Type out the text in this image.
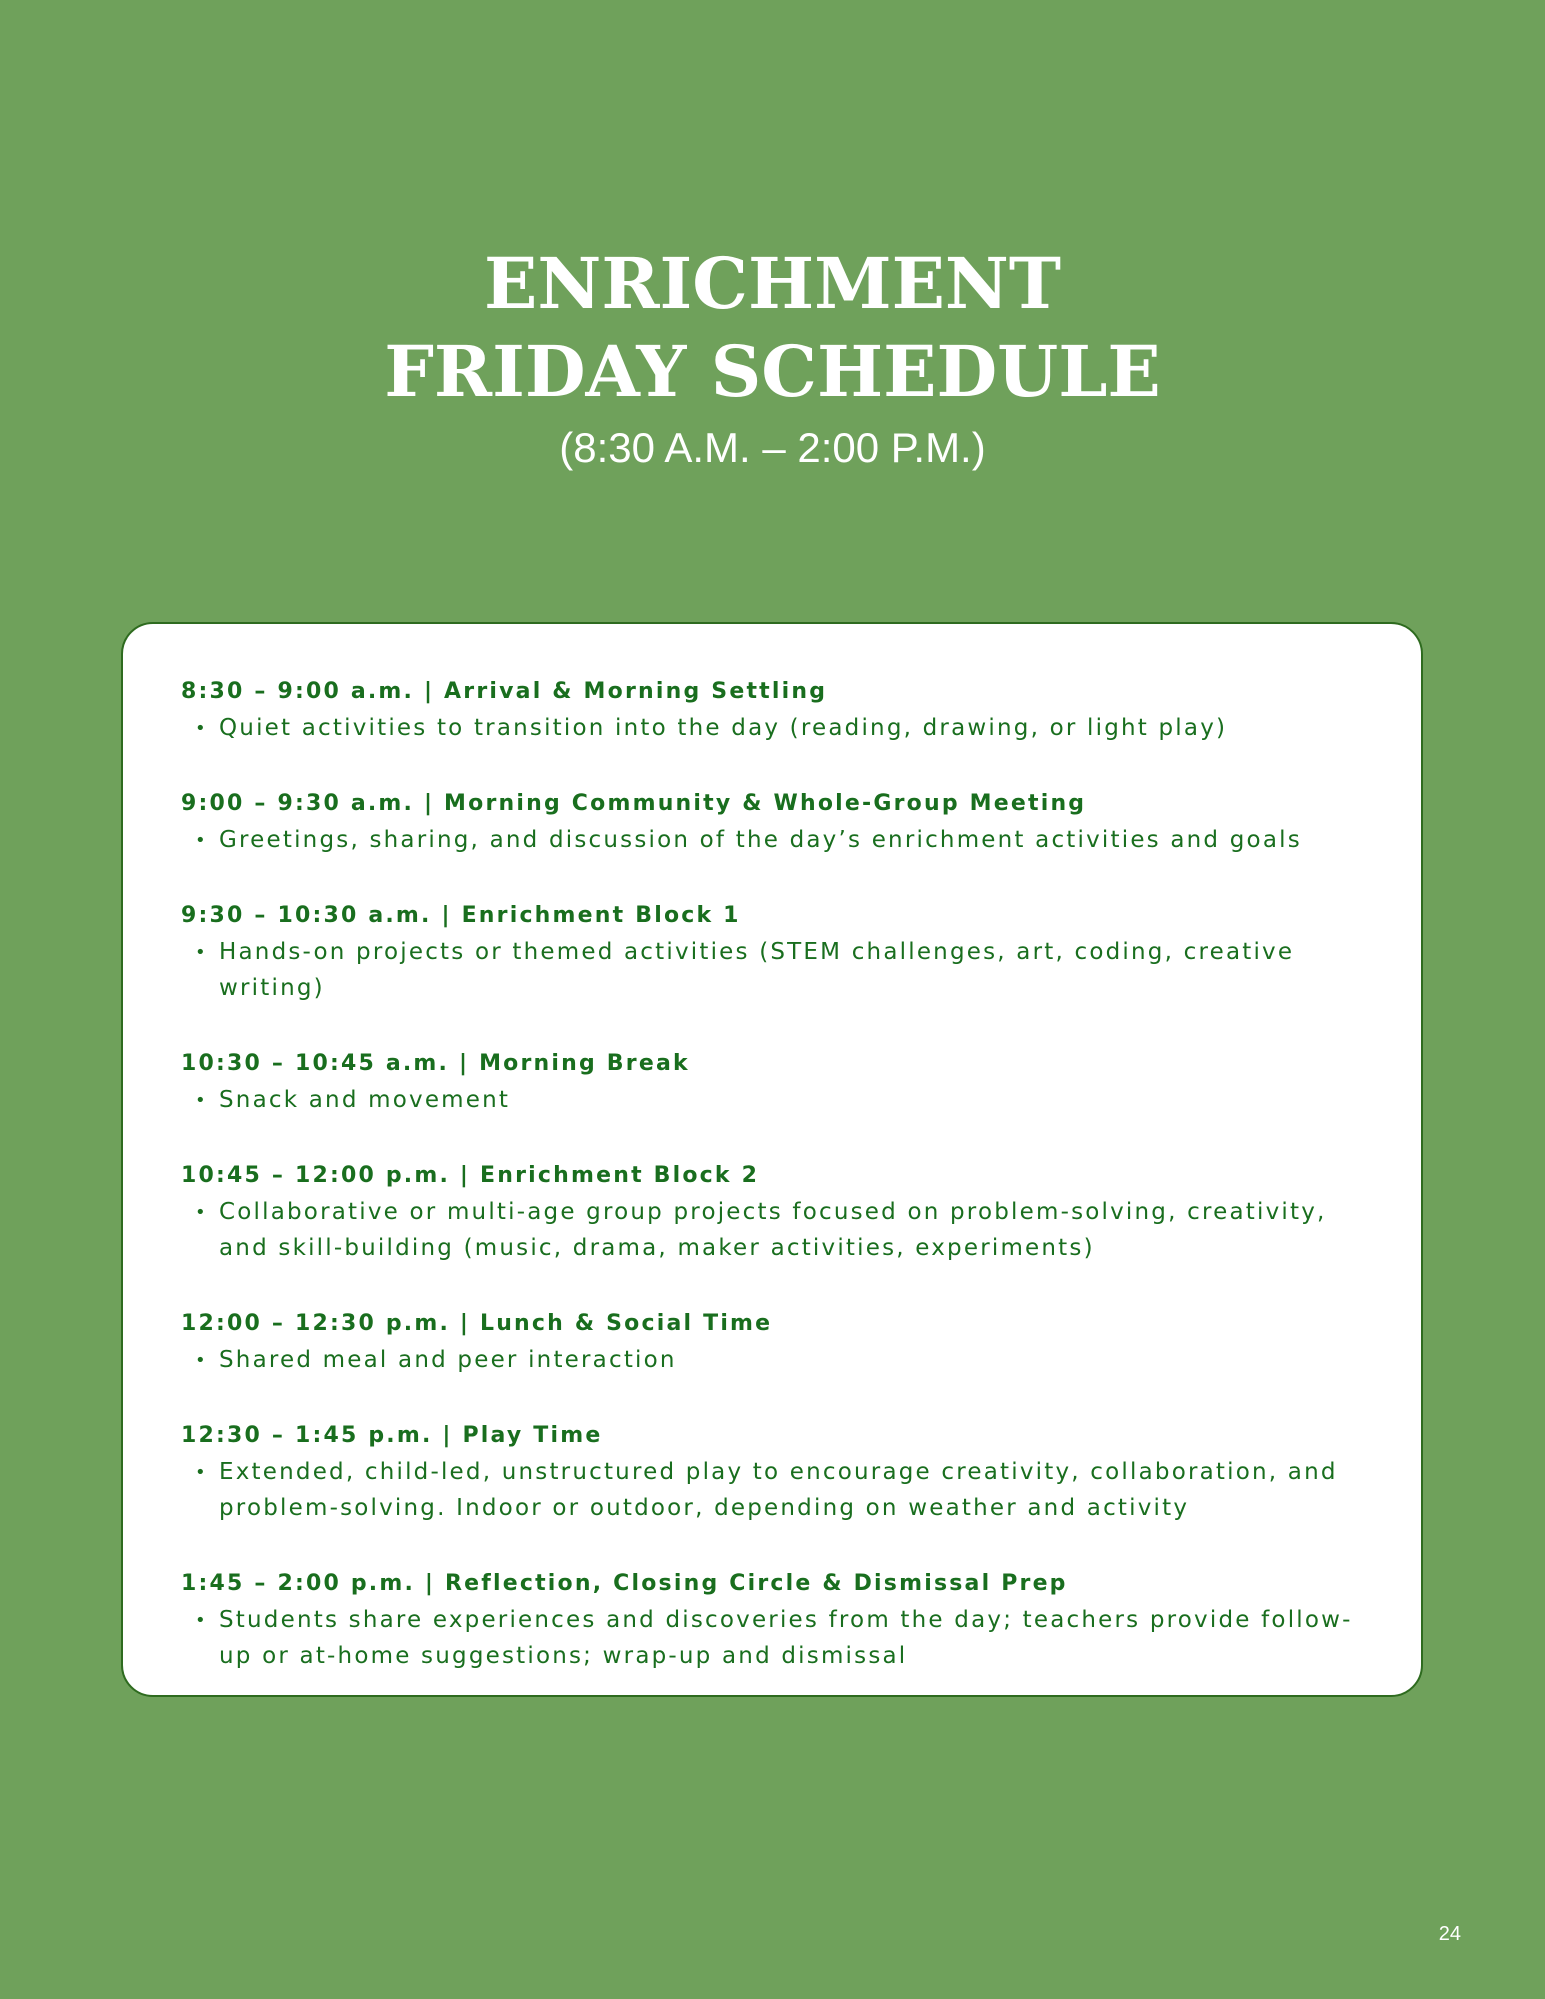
ENRICHMENT
FRIDAY SCHEDULE
(8:30 A.M. – 2:00 P.M.)
8:30 – 9:00 a.m. | Arrival & Morning Settling
• Quiet activities to transition into the day (reading, drawing, or light play)
9:00 – 9:30 a.m. | Morning Community & Whole-Group Meeting
• Greetings, sharing, and discussion of the day’s enrichment activities and goals
9:30 – 10:30 a.m. | Enrichment Block 1
• Hands-on projects or themed activities (STEM challenges, art, coding, creative writing)
10:30 – 10:45 a.m. | Morning Break
• Snack and movement
10:45 – 12:00 p.m. | Enrichment Block 2
• Collaborative or multi-age group projects focused on problem-solving, creativity, and skill-building (music, drama, maker activities, experiments)
12:00 – 12:30 p.m. | Lunch & Social Time
• Shared meal and peer interaction
12:30 – 1:45 p.m. | Play Time
• Extended, child-led, unstructured play to encourage creativity, collaboration, and problem-solving. Indoor or outdoor, depending on weather and activity
1:45 – 2:00 p.m. | Reflection, Closing Circle & Dismissal Prep
• Students share experiences and discoveries from the day; teachers provide follow-up or at-home suggestions; wrap-up and dismissal
24
